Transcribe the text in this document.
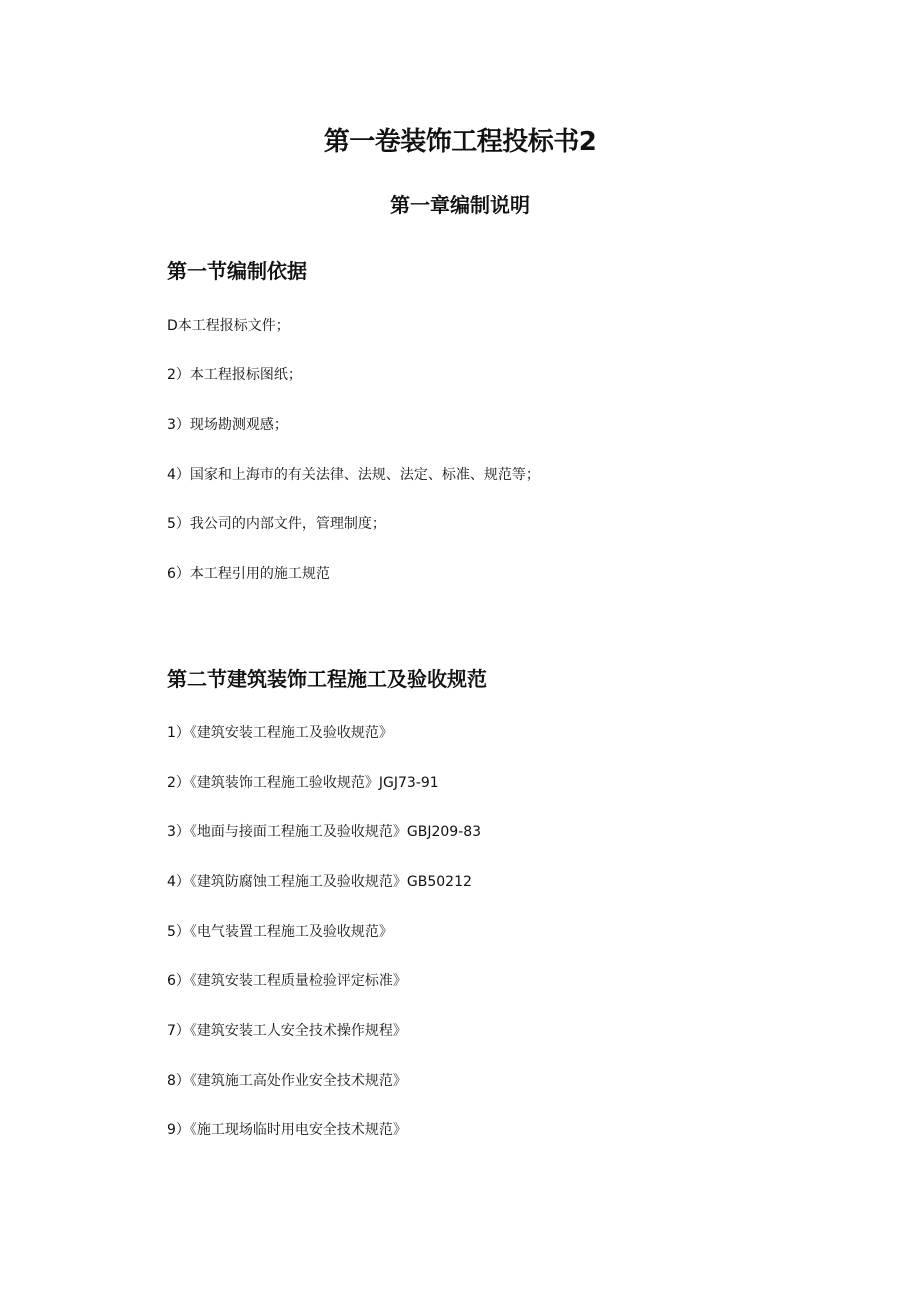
第一卷装饰工程投标书2
第一章编制说明
第一节编制依据
D本工程报标文件；
2）本工程报标图纸；
3）现场勘测观感；
4）国家和上海市的有关法律、法规、法定、标准、规范等；
5）我公司的内部文件，管理制度；
6）本工程引用的施工规范
第二节建筑装饰工程施工及验收规范
1）《建筑安装工程施工及验收规范》
2）《建筑装饰工程施工验收规范》JGJ73-91
3）《地面与接面工程施工及验收规范》GBJ209-83
4）《建筑防腐蚀工程施工及验收规范》GB50212
5）《电气装置工程施工及验收规范》
6）《建筑安装工程质量检验评定标准》
7）《建筑安装工人安全技术操作规程》
8）《建筑施工高处作业安全技术规范》
9）《施工现场临时用电安全技术规范》
